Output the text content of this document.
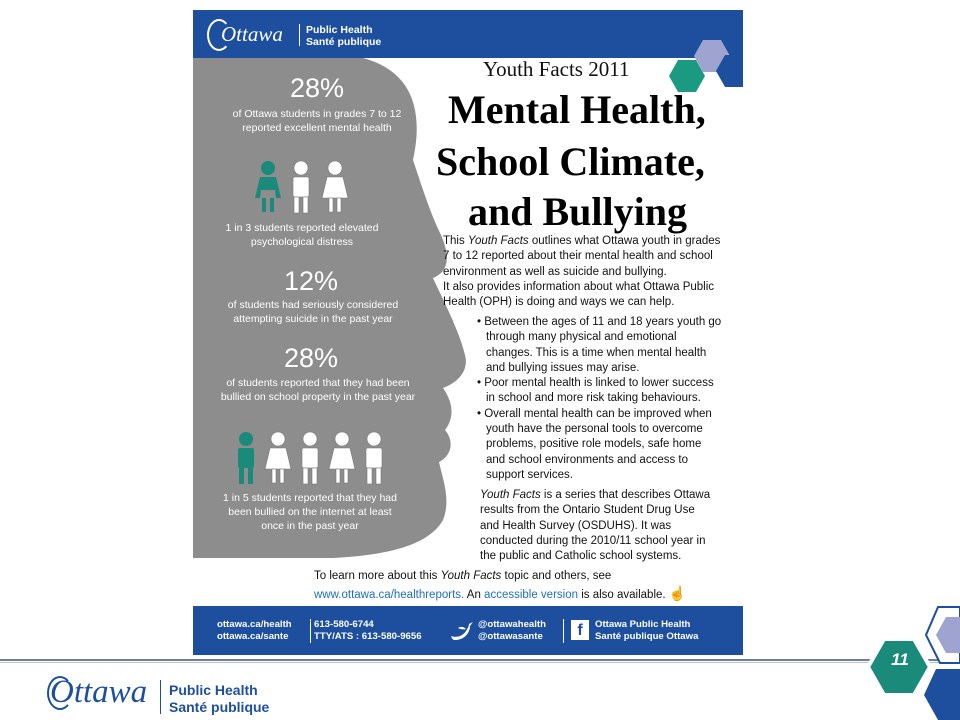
Ottawa Public Health
Santé publique
28%
of Ottawa students in grades 7 to 12
reported excellent mental health
1 in 3 students reported elevated
psychological distress
12%
of students had seriously considered
attempting suicide in the past year
28%
of students reported that they had been
bullied on school property in the past year
1 in 5 students reported that they had
been bullied on the internet at least
once in the past year
Youth Facts 2011
Mental Health,
School Climate,
and Bullying
This Youth Facts outlines what Ottawa youth in grades
7 to 12 reported about their mental health and school
environment as well as suicide and bullying.
It also provides information about what Ottawa Public
Health (OPH) is doing and ways we can help.
• Between the ages of 11 and 18 years youth go
through many physical and emotional
changes. This is a time when mental health
and bullying issues may arise.
• Poor mental health is linked to lower success
in school and more risk taking behaviours.
• Overall mental health can be improved when
youth have the personal tools to overcome
problems, positive role models, safe home
and school environments and access to
support services.
Youth Facts is a series that describes Ottawa
results from the Ontario Student Drug Use
and Health Survey (OSDUHS). It was
conducted during the 2010/11 school year in
the public and Catholic school systems.
To learn more about this Youth Facts topic and others, see
www.ottawa.ca/healthreports. An accessible version is also available. ☝
ottawa.ca/health
ottawa.ca/sante
613-580-6744
TTY/ATS : 613-580-9656
@ottawahealth
@ottawasante	f	Ottawa Public Health
Santé publique Ottawa
11
Ottawa Public Health
Santé publique
